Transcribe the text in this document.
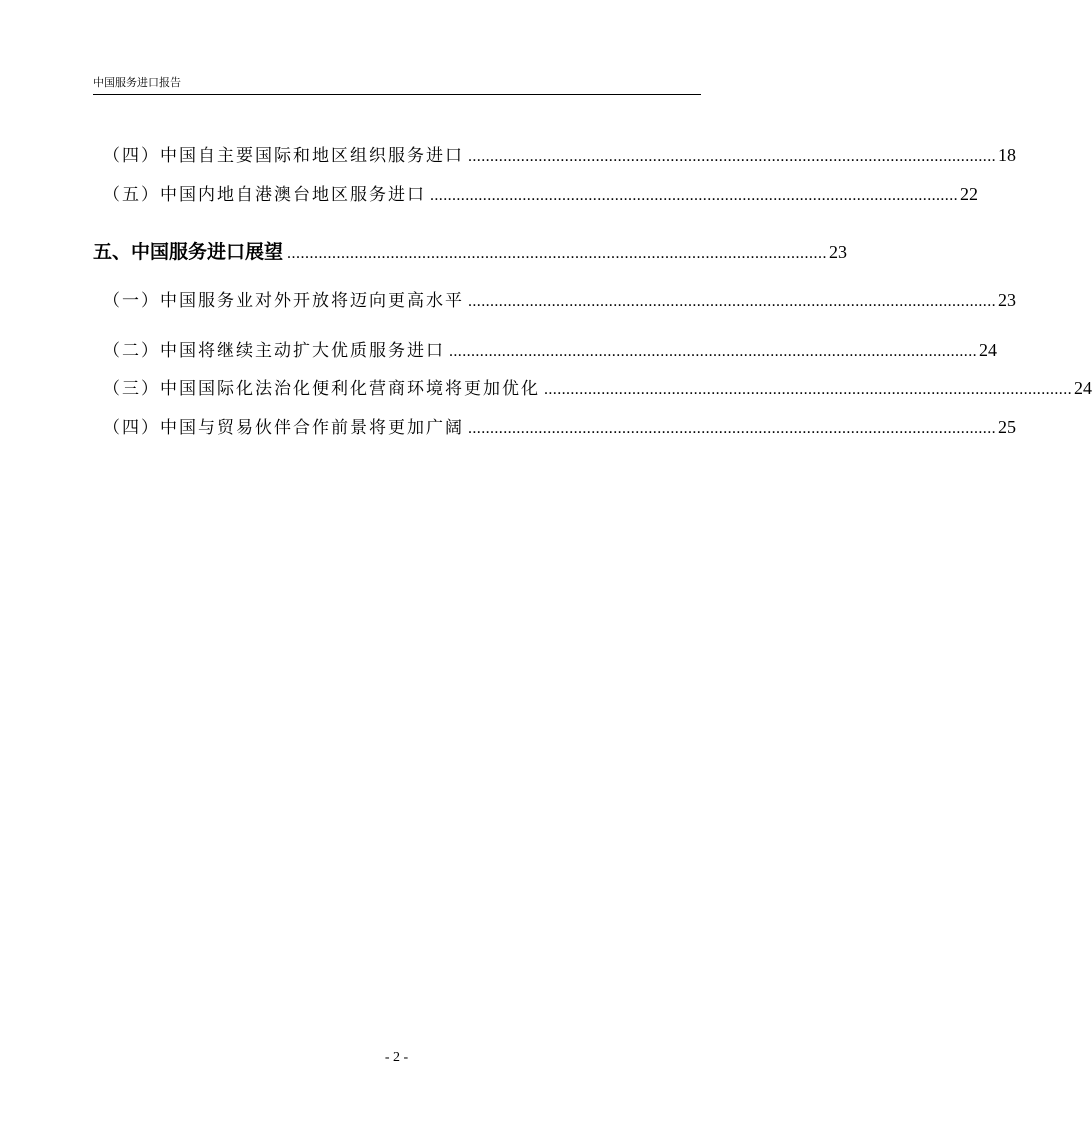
中国服务进口报告
（四）中国自主要国际和地区组织服务进口 ........................................................................................................................ 18
（五）中国内地自港澳台地区服务进口 ........................................................................................................................ 22
五、中国服务进口展望 ........................................................................................................................ 23
（一）中国服务业对外开放将迈向更高水平 ........................................................................................................................ 23
（二）中国将继续主动扩大优质服务进口 ........................................................................................................................ 24
（三）中国国际化法治化便利化营商环境将更加优化 ........................................................................................................................ 24
（四）中国与贸易伙伴合作前景将更加广阔 ........................................................................................................................ 25
- 2 -
